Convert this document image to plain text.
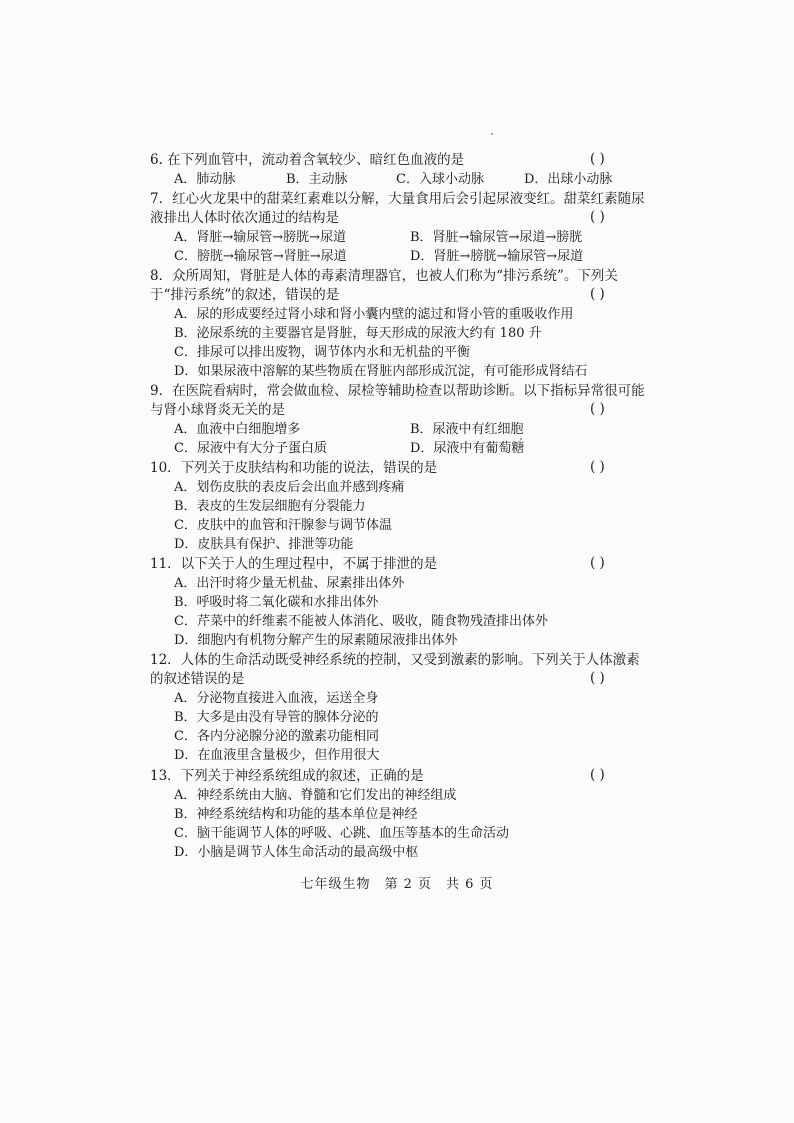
6. 在下列血管中，流动着含氧较少、暗红色血液的是	( )
A．肺动脉	B．主动脉	C．入球小动脉	D．出球小动脉
7．红心火龙果中的甜菜红素难以分解，大量食用后会引起尿液变红。甜菜红素随尿液排出人体时依次通过的结构是	( )
A．肾脏→输尿管→膀胱→尿道	B．肾脏→输尿管→尿道→膀胱
C．膀胱→输尿管→肾脏→尿道	D．肾脏→膀胱→输尿管→尿道
8．众所周知，肾脏是人体的毒素清理器官，也被人们称为“排污系统”。下列关于“排污系统”的叙述，错误的是	( )
A．尿的形成要经过肾小球和肾小囊内壁的滤过和肾小管的重吸收作用
B．泌尿系统的主要器官是肾脏，每天形成的尿液大约有 180 升
C．排尿可以排出废物，调节体内水和无机盐的平衡
D．如果尿液中溶解的某些物质在肾脏内部形成沉淀，有可能形成肾结石
9．在医院看病时，常会做血检、尿检等辅助检查以帮助诊断。以下指标异常很可能与肾小球肾炎无关的是	( )
A．血液中白细胞增多	B．尿液中有红细胞
C．尿液中有大分子蛋白质	D．尿液中有葡萄糖
10．下列关于皮肤结构和功能的说法，错误的是	( )
A．划伤皮肤的表皮后会出血并感到疼痛
B．表皮的生发层细胞有分裂能力
C．皮肤中的血管和汗腺参与调节体温
D．皮肤具有保护、排泄等功能
11．以下关于人的生理过程中，不属于排泄的是	( )
A．出汗时将少量无机盐、尿素排出体外
B．呼吸时将二氧化碳和水排出体外
C．芹菜中的纤维素不能被人体消化、吸收，随食物残渣排出体外
D．细胞内有机物分解产生的尿素随尿液排出体外
12．人体的生命活动既受神经系统的控制，又受到激素的影响。下列关于人体激素的叙述错误的是	( )
A．分泌物直接进入血液，运送全身
B．大多是由没有导管的腺体分泌的
C．各内分泌腺分泌的激素功能相同
D．在血液里含量极少，但作用很大
13．下列关于神经系统组成的叙述，正确的是	( )
A．神经系统由大脑、脊髓和它们发出的神经组成
B．神经系统结构和功能的基本单位是神经
C．脑干能调节人体的呼吸、心跳、血压等基本的生命活动
D．小脑是调节人体生命活动的最高级中枢
七年级生物　第 2 页　共 6 页
